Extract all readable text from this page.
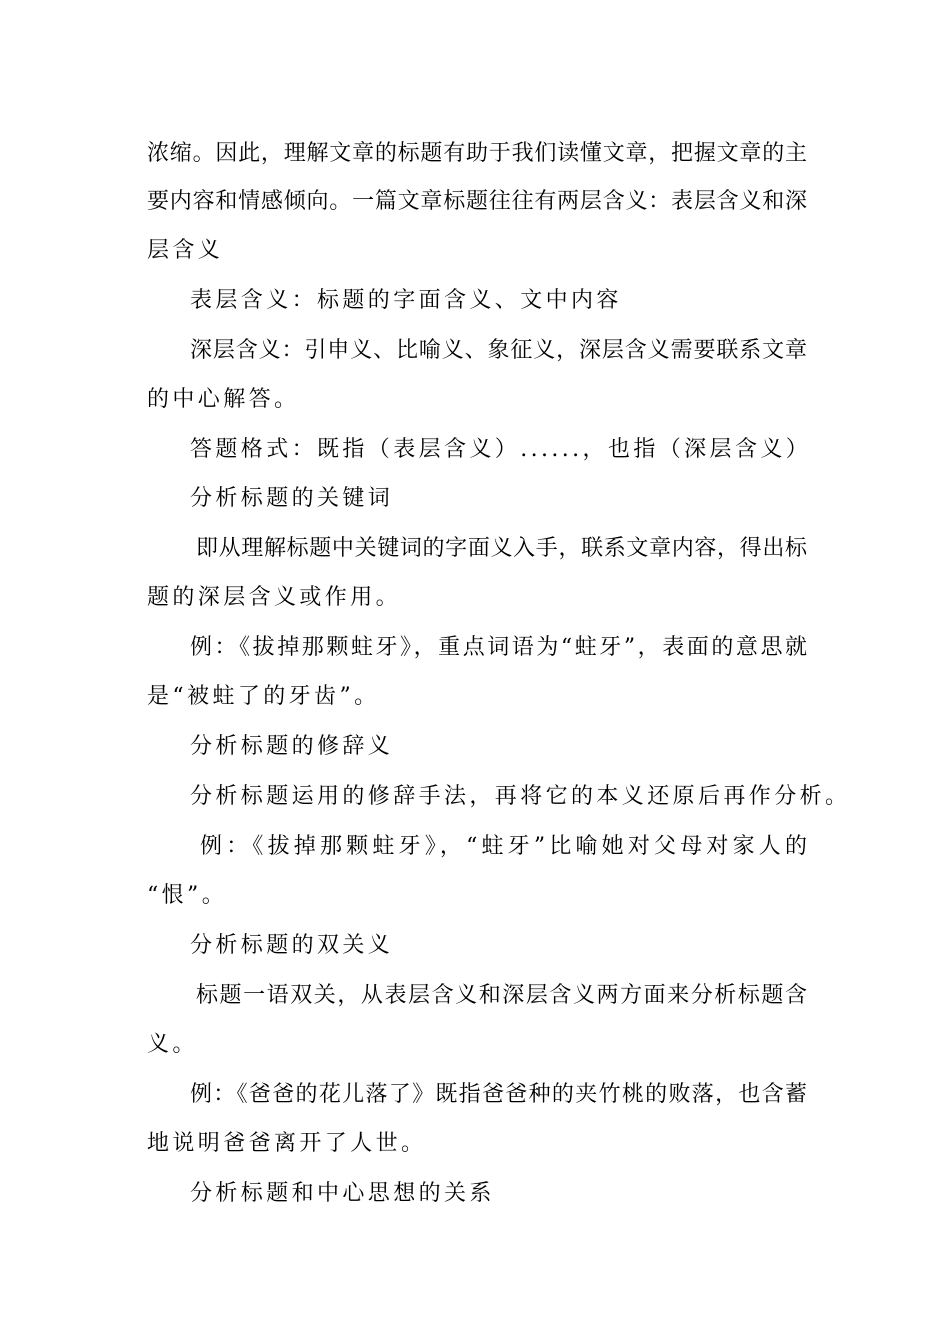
浓缩。因此，理解文章的标题有助于我们读懂文章，把握文章的主
要内容和情感倾向。一篇文章标题往往有两层含义：表层含义和深
层含义
表层含义：标题的字面含义、文中内容
深层含义：引申义、比喻义、象征义，深层含义需要联系文章
的中心解答。
答题格式：既指（表层含义）......，也指（深层含义）
分析标题的关键词
即从理解标题中关键词的字面义入手，联系文章内容，得出标
题的深层含义或作用。
例：《拔掉那颗蛀牙》，重点词语为“蛀牙”，表面的意思就
是“被蛀了的牙齿”。
分析标题的修辞义
分析标题运用的修辞手法，再将它的本义还原后再作分析。
例：《拔掉那颗蛀牙》，“蛀牙”比喻她对父母对家人的
“恨”。
分析标题的双关义
标题一语双关，从表层含义和深层含义两方面来分析标题含
义。
例：《爸爸的花儿落了》既指爸爸种的夹竹桃的败落，也含蓄
地说明爸爸离开了人世。
分析标题和中心思想的关系
